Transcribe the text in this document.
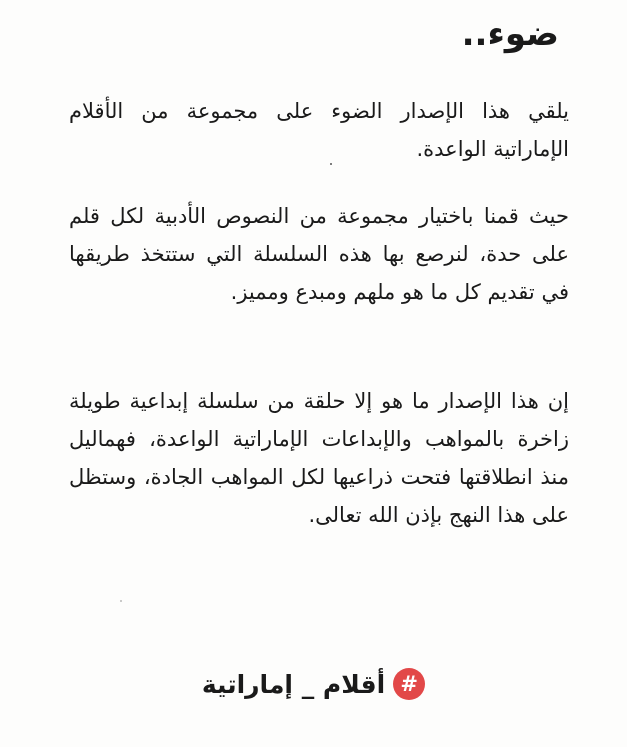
ضوء..

يلقي هذا الإصدار الضوء على مجموعة من الأقلام الإماراتية الواعدة.

حيث قمنا باختيار مجموعة من النصوص الأدبية لكل قلم على حدة، لنرصع بها هذه السلسلة التي ستتخذ طريقها في تقديم كل ما هو ملهم ومبدع ومميز.

إن هذا الإصدار ما هو إلا حلقة من سلسلة إبداعية طويلة زاخرة بالمواهب والإبداعات الإماراتية الواعدة، فهماليل منذ انطلاقتها فتحت ذراعيها لكل المواهب الجادة، وستظل على هذا النهج بإذن الله تعالى.

#
أقلام _ إماراتية
